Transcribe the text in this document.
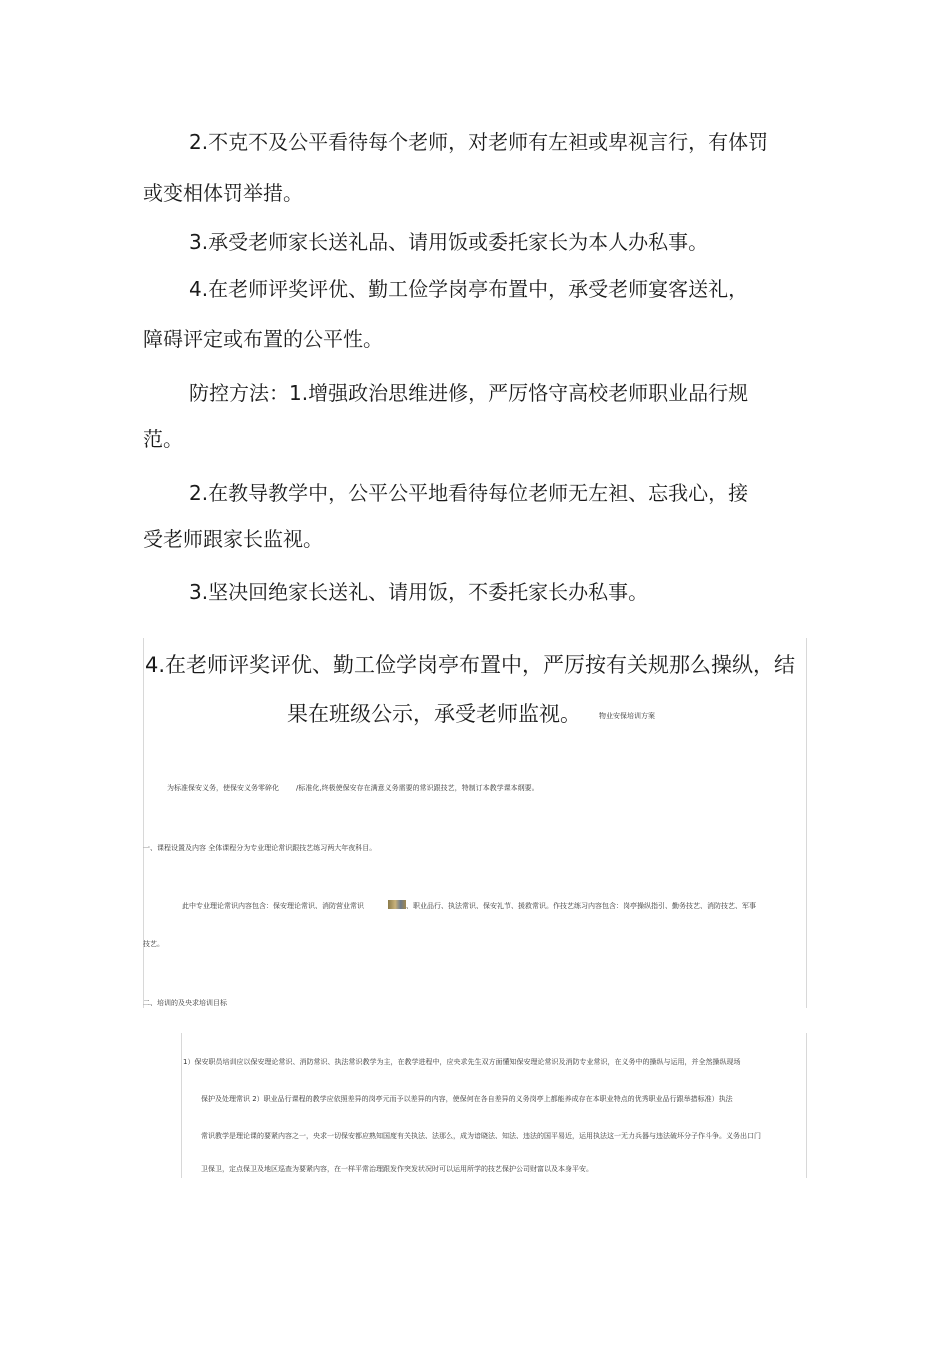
2.不克不及公平看待每个老师，对老师有左袒或卑视言行，有体罚
或变相体罚举措。
3.承受老师家长送礼品、请用饭或委托家长为本人办私事。
4.在老师评奖评优、勤工俭学岗亭布置中，承受老师宴客送礼，
障碍评定或布置的公平性。
防控方法：1.增强政治思维进修，严厉恪守高校老师职业品行规
范。
2.在教导教学中，公平公平地看待每位老师无左袒、忘我心，接
受老师跟家长监视。
3.坚决回绝家长送礼、请用饭，不委托家长办私事。
4.在老师评奖评优、勤工俭学岗亭布置中，严厉按有关规那么操纵，结
果在班级公示，承受老师监视。	物业安保培训方案
为标准保安义务，使保安义务零碎化 /标准化,终极使保安存在满意义务需要的常识跟技艺，特制订本教学课本纲要。
一、课程设置及内容 全体课程分为专业理论常识跟技艺练习两大年夜科目。
此中专业理论常识内容包含：保安理论常识、消防营业常识	、职业品行、执法常识、保安礼节、援救常识。作技艺练习内容包含：岗亭操纵指引、勤务技艺、消防技艺、军事
技艺。
二、培训的及央求培训目标
1）保安职员培训应以保安理论常识、消防常识、执法常识教学为主，在教学进程中，应央求先生双方面懂知保安理论常识及消防专业常识，在义务中的操纵与运用，并全然操纵现场
保护及处理常识 2）职业品行课程的教学应依照差异的岗亭元而予以差异的内容，使保何在各自差异的义务岗亭上都能养成存在本职业特点的优秀职业品行跟举措标准）执法
常识教学是理论课的要紧内容之一，央求一切保安都应熟知国度有关执法、法那么，成为谙晓法、知法、违法的国平易近，运用执法这一无力兵器与违法破坏分子作斗争。义务出口门
卫保卫，定点保卫及地区巡查为要紧内容，在一样平常治理跟发作突发状况时可以运用所学的技艺保护公司财富以及本身平安。
